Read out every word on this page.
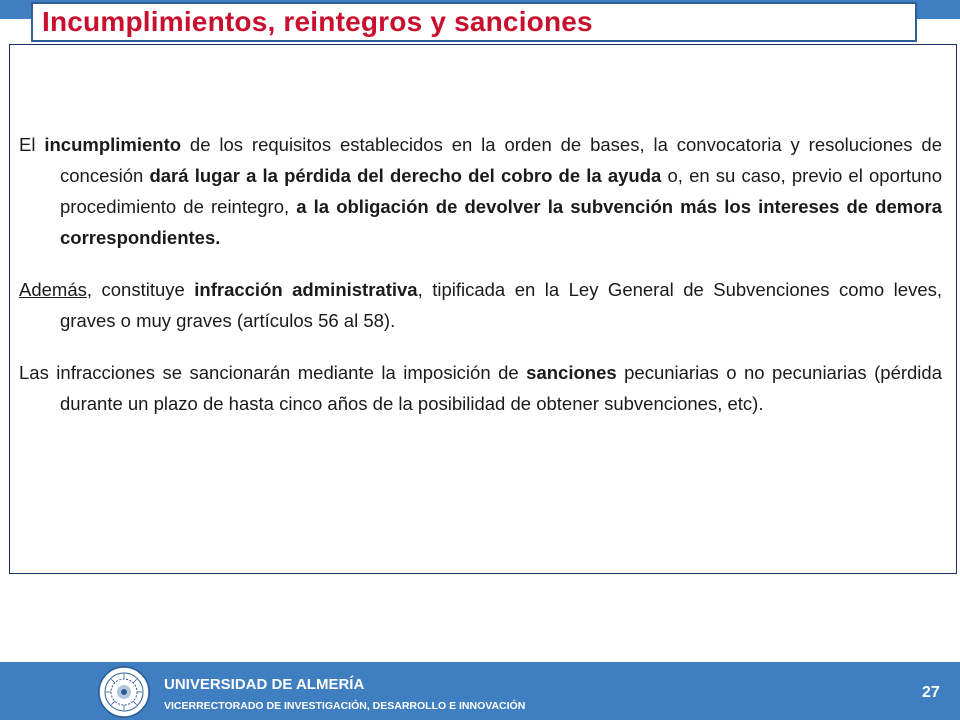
Incumplimientos, reintegros y sanciones

El incumplimiento de los requisitos establecidos en la orden de bases, la convocatoria y resoluciones de concesión dará lugar a la pérdida del derecho del cobro de la ayuda o, en su caso, previo el oportuno procedimiento de reintegro, a la obligación de devolver la subvención más los intereses de demora correspondientes.

Además, constituye infracción administrativa, tipificada en la Ley General de Subvenciones como leves, graves o muy graves (artículos 56 al 58).

Las infracciones se sancionarán mediante la imposición de sanciones pecuniarias o no pecuniarias (pérdida durante un plazo de hasta cinco años de la posibilidad de obtener subvenciones, etc).

UNIVERSIDAD DE ALMERÍA
VICERRECTORADO DE INVESTIGACIÓN, DESARROLLO E INNOVACIÓN
27
